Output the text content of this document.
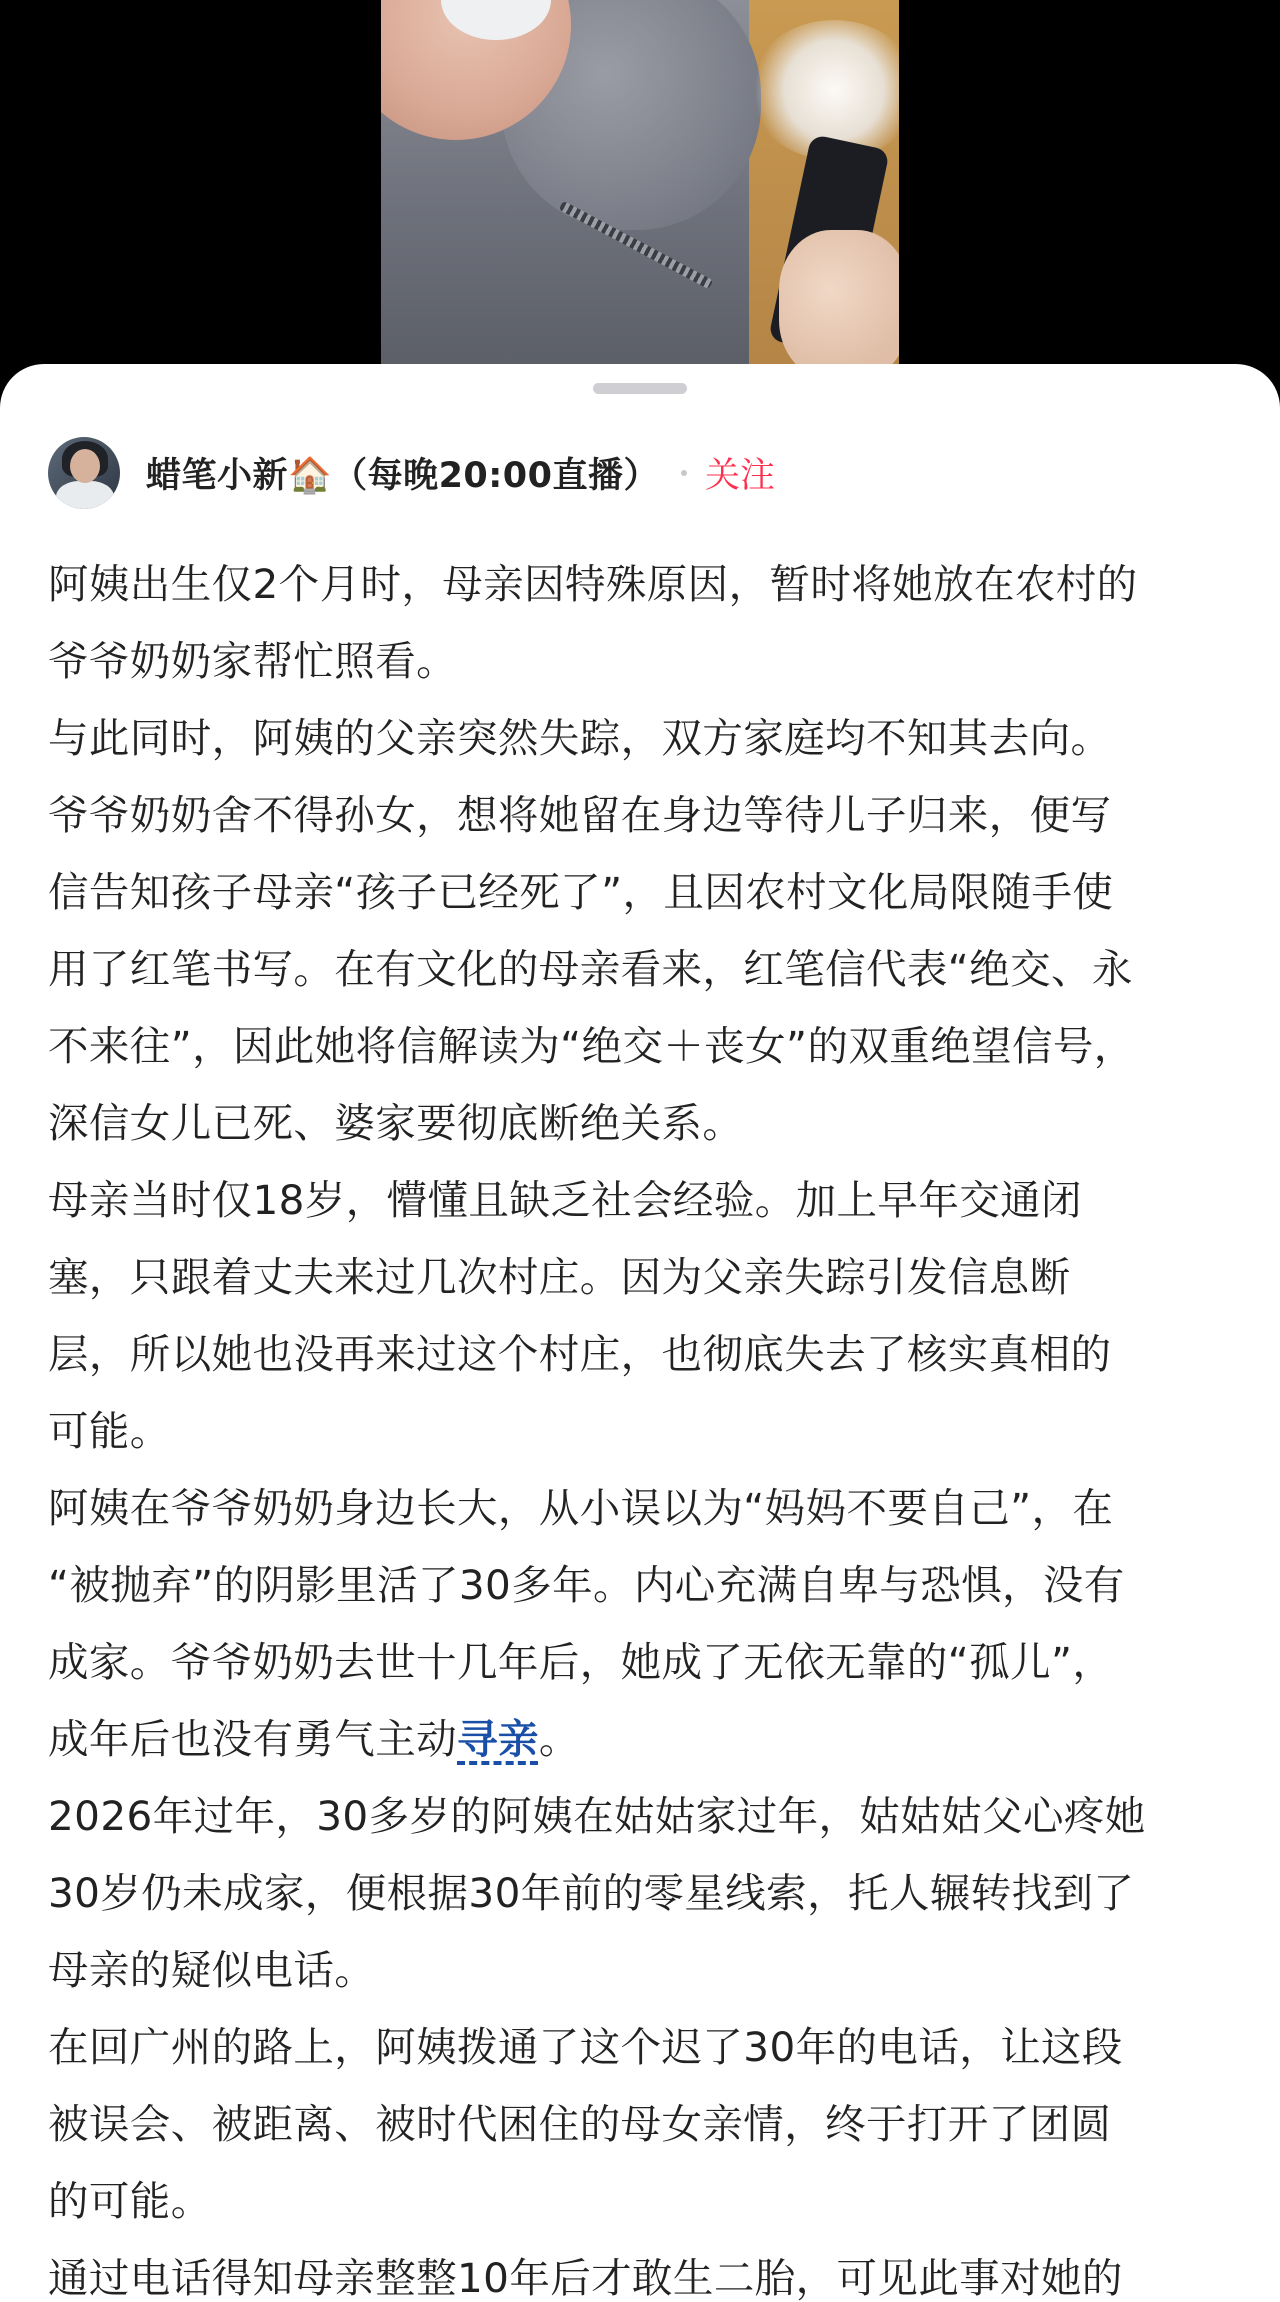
蜡笔小新🏠（每晚20:00直播） 关注

阿姨出生仅2个月时，母亲因特殊原因，暂时将她放在农村的
爷爷奶奶家帮忙照看。

与此同时，阿姨的父亲突然失踪，双方家庭均不知其去向。

爷爷奶奶舍不得孙女，想将她留在身边等待儿子归来，便写
信告知孩子母亲“孩子已经死了”，且因农村文化局限随手使
用了红笔书写。在有文化的母亲看来，红笔信代表“绝交、永
不来往”，因此她将信解读为“绝交＋丧女”的双重绝望信号，
深信女儿已死、婆家要彻底断绝关系。

母亲当时仅18岁，懵懂且缺乏社会经验。加上早年交通闭
塞，只跟着丈夫来过几次村庄。因为父亲失踪引发信息断
层，所以她也没再来过这个村庄，也彻底失去了核实真相的
可能。

阿姨在爷爷奶奶身边长大，从小误以为“妈妈不要自己”，在
“被抛弃”的阴影里活了30多年。内心充满自卑与恐惧，没有
成家。爷爷奶奶去世十几年后，她成了无依无靠的“孤儿”，
成年后也没有勇气主动寻亲。

2026年过年，30多岁的阿姨在姑姑家过年，姑姑姑父心疼她
30岁仍未成家，便根据30年前的零星线索，托人辗转找到了
母亲的疑似电话。

在回广州的路上，阿姨拨通了这个迟了30年的电话，让这段
被误会、被距离、被时代困住的母女亲情，终于打开了团圆
的可能。

通过电话得知母亲整整10年后才敢生二胎，可见此事对她的
